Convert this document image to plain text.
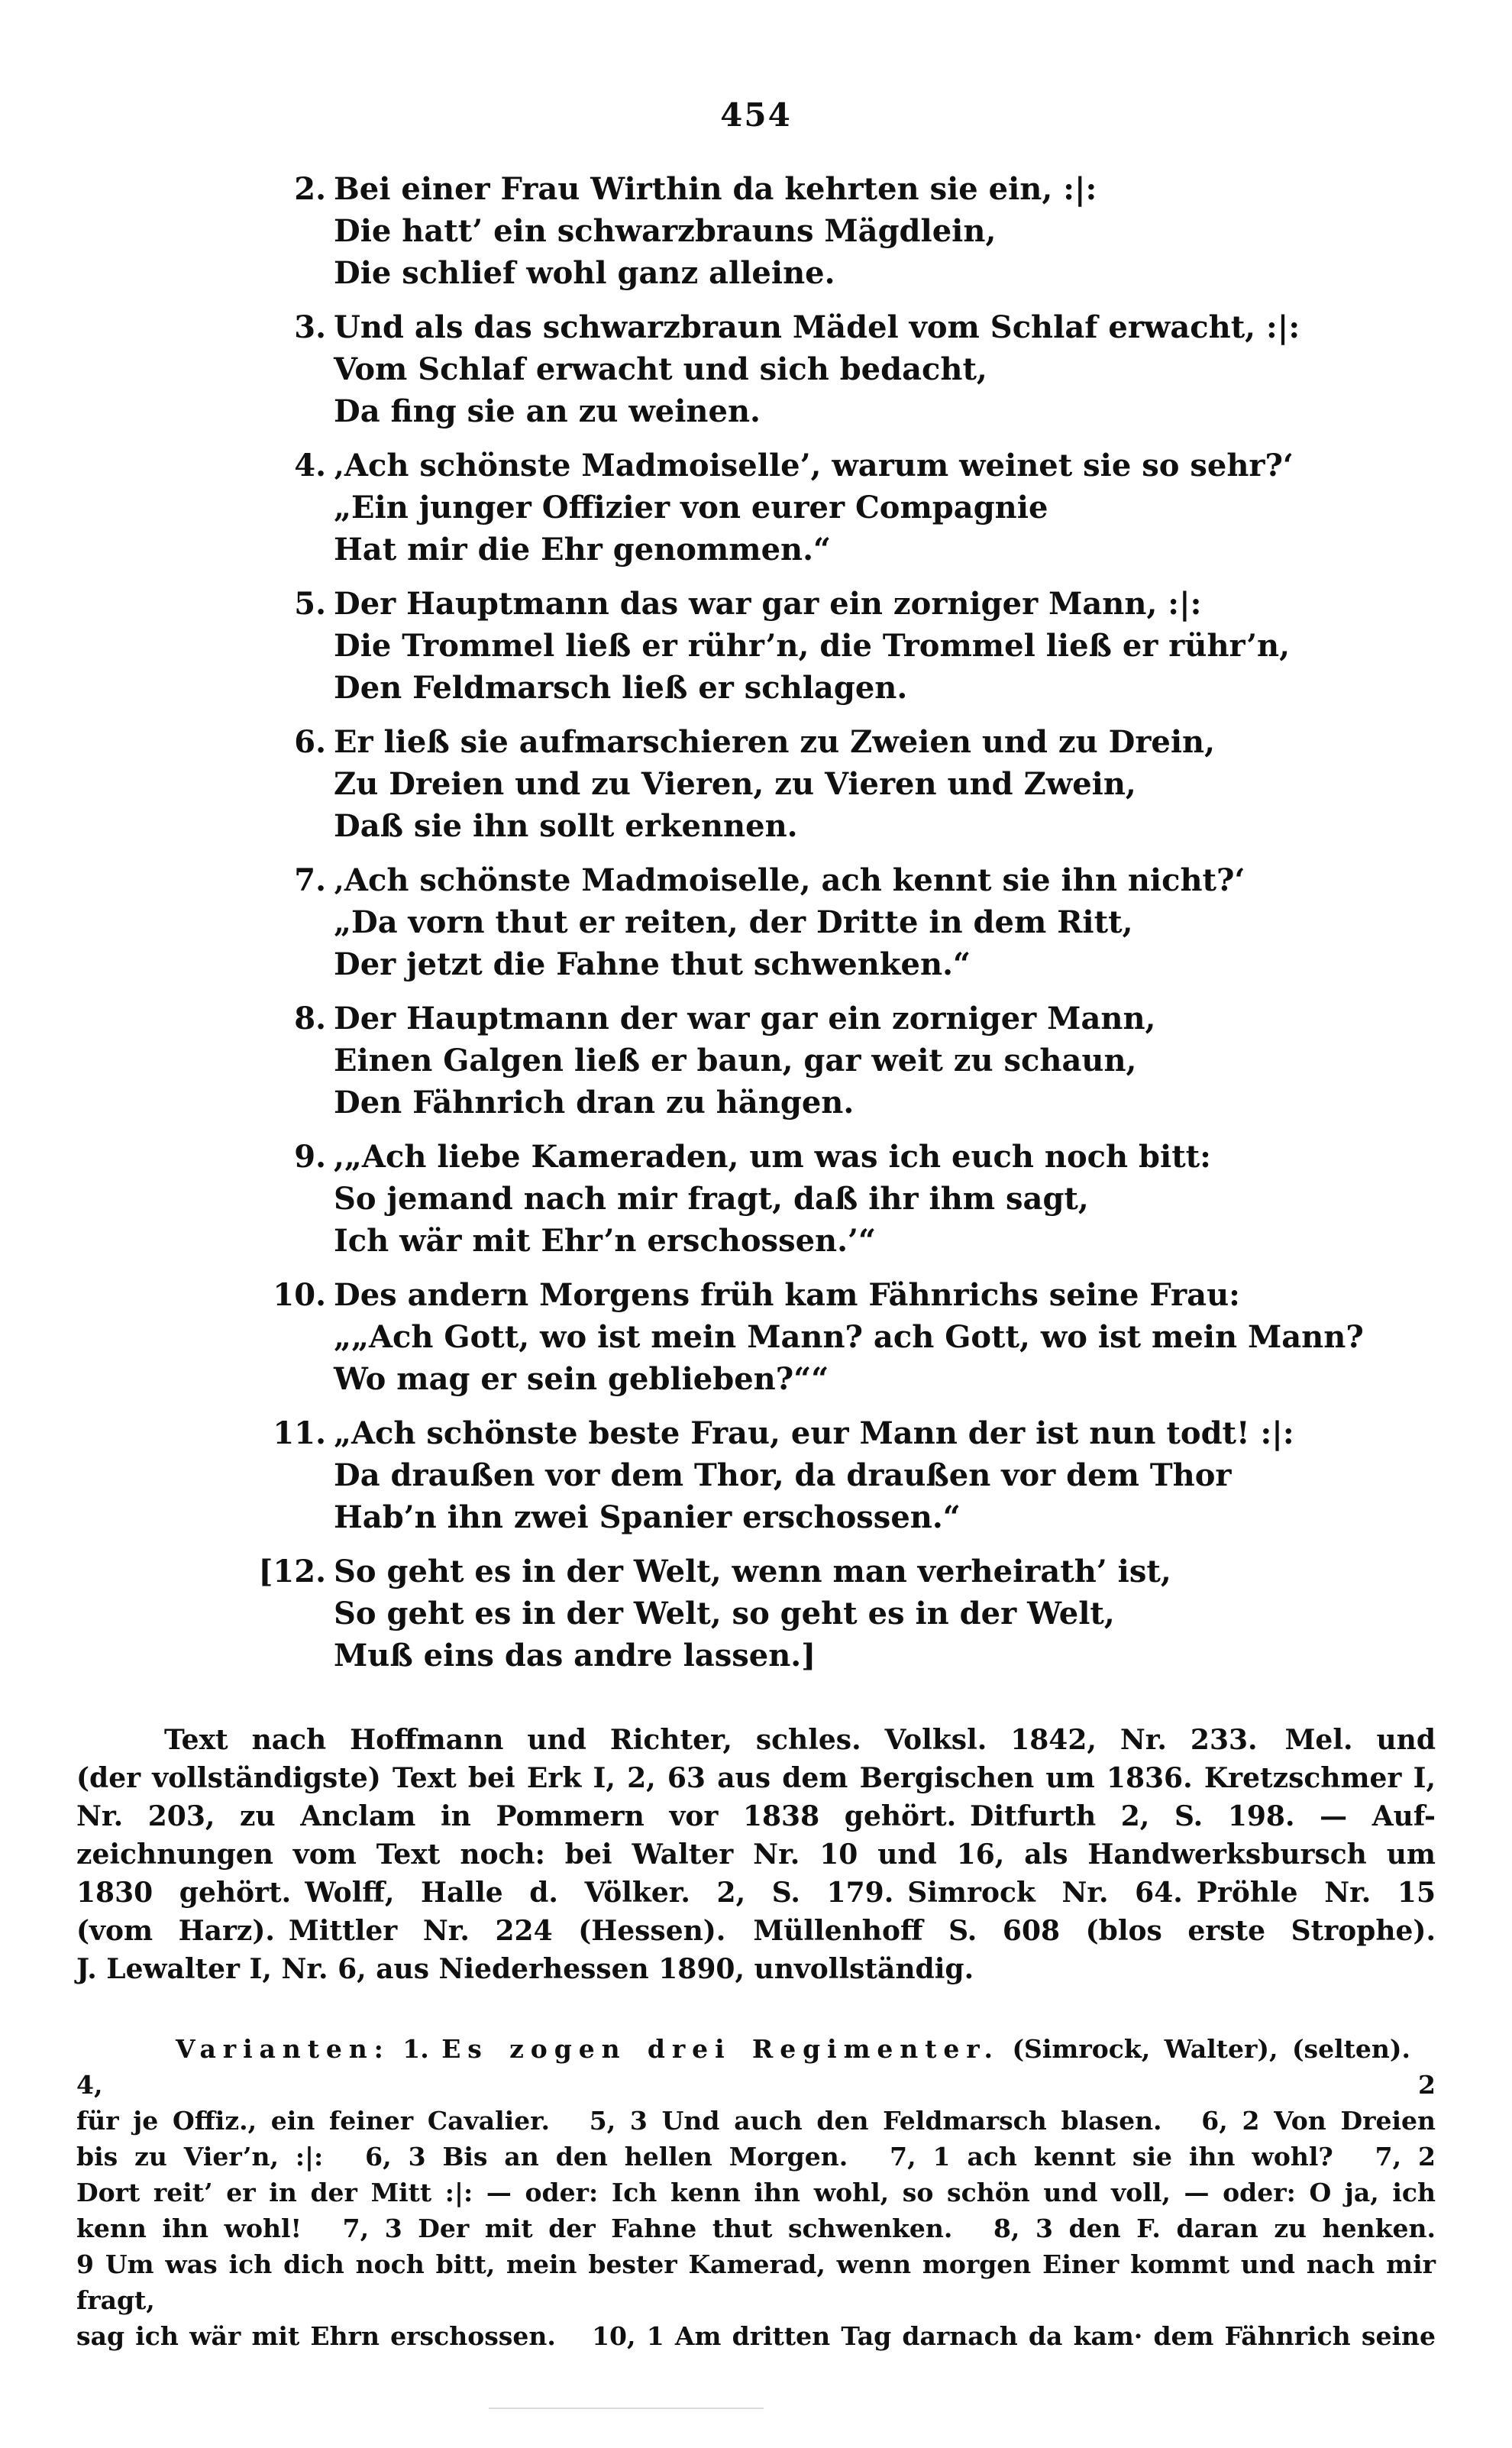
454
2. Bei einer Frau Wirthin da kehrten sie ein, :|:
Die hatt’ ein schwarzbrauns Mägdlein,
Die schlief wohl ganz alleine.
3. Und als das schwarzbraun Mädel vom Schlaf erwacht, :|:
Vom Schlaf erwacht und sich bedacht,
Da fing sie an zu weinen.
4. ‚Ach schönste Madmoiselle’, warum weinet sie so sehr?‘
„Ein junger Offizier von eurer Compagnie
Hat mir die Ehr genommen.“
5. Der Hauptmann das war gar ein zorniger Mann, :|:
Die Trommel ließ er rühr’n, die Trommel ließ er rühr’n,
Den Feldmarsch ließ er schlagen.
6. Er ließ sie aufmarschieren zu Zweien und zu Drein,
Zu Dreien und zu Vieren, zu Vieren und Zwein,
Daß sie ihn sollt erkennen.
7. ‚Ach schönste Madmoiselle, ach kennt sie ihn nicht?‘
„Da vorn thut er reiten, der Dritte in dem Ritt,
Der jetzt die Fahne thut schwenken.“
8. Der Hauptmann der war gar ein zorniger Mann,
Einen Galgen ließ er baun, gar weit zu schaun,
Den Fähnrich dran zu hängen.
9. ,„Ach liebe Kameraden, um was ich euch noch bitt:
So jemand nach mir fragt, daß ihr ihm sagt,
Ich wär mit Ehr’n erschossen.’“
10. Des andern Morgens früh kam Fähnrichs seine Frau:
„„Ach Gott, wo ist mein Mann? ach Gott, wo ist mein Mann?
Wo mag er sein geblieben?““
11. „Ach schönste beste Frau, eur Mann der ist nun todt! :|:
Da draußen vor dem Thor, da draußen vor dem Thor
Hab’n ihn zwei Spanier erschossen.“
[12. So geht es in der Welt, wenn man verheirath’ ist,
So geht es in der Welt, so geht es in der Welt,
Muß eins das andre lassen.]
Text nach Hoffmann und Richter, schles. Volksl. 1842, Nr. 233. Mel. und
(der vollständigste) Text bei Erk I, 2, 63 aus dem Bergischen um 1836. Kretzschmer I,
Nr. 203, zu Anclam in Pommern vor 1838 gehört. Ditfurth 2, S. 198. — Auf-
zeichnungen vom Text noch: bei Walter Nr. 10 und 16, als Handwerksbursch um
1830 gehört. Wolff, Halle d. Völker. 2, S. 179. Simrock Nr. 64. Pröhle Nr. 15
(vom Harz). Mittler Nr. 224 (Hessen). Müllenhoff S. 608 (blos erste Strophe).
J. Lewalter I, Nr. 6, aus Niederhessen 1890, unvollständig.
Varianten: 1. Es zogen drei Regimenter. (Simrock, Walter), (selten).  4, 2
für je Offiz., ein feiner Cavalier.  5, 3 Und auch den Feldmarsch blasen.  6, 2 Von Dreien
bis zu Vier’n, :|:  6, 3 Bis an den hellen Morgen.  7, 1 ach kennt sie ihn wohl?  7, 2
Dort reit’ er in der Mitt :|: — oder: Ich kenn ihn wohl, so schön und voll, — oder: O ja, ich
kenn ihn wohl!  7, 3 Der mit der Fahne thut schwenken.  8, 3 den F. daran zu henken.
9 Um was ich dich noch bitt, mein bester Kamerad, wenn morgen Einer kommt und nach mir fragt,
sag ich wär mit Ehrn erschossen.  10, 1 Am dritten Tag darnach da kam· dem Fähnrich seine
